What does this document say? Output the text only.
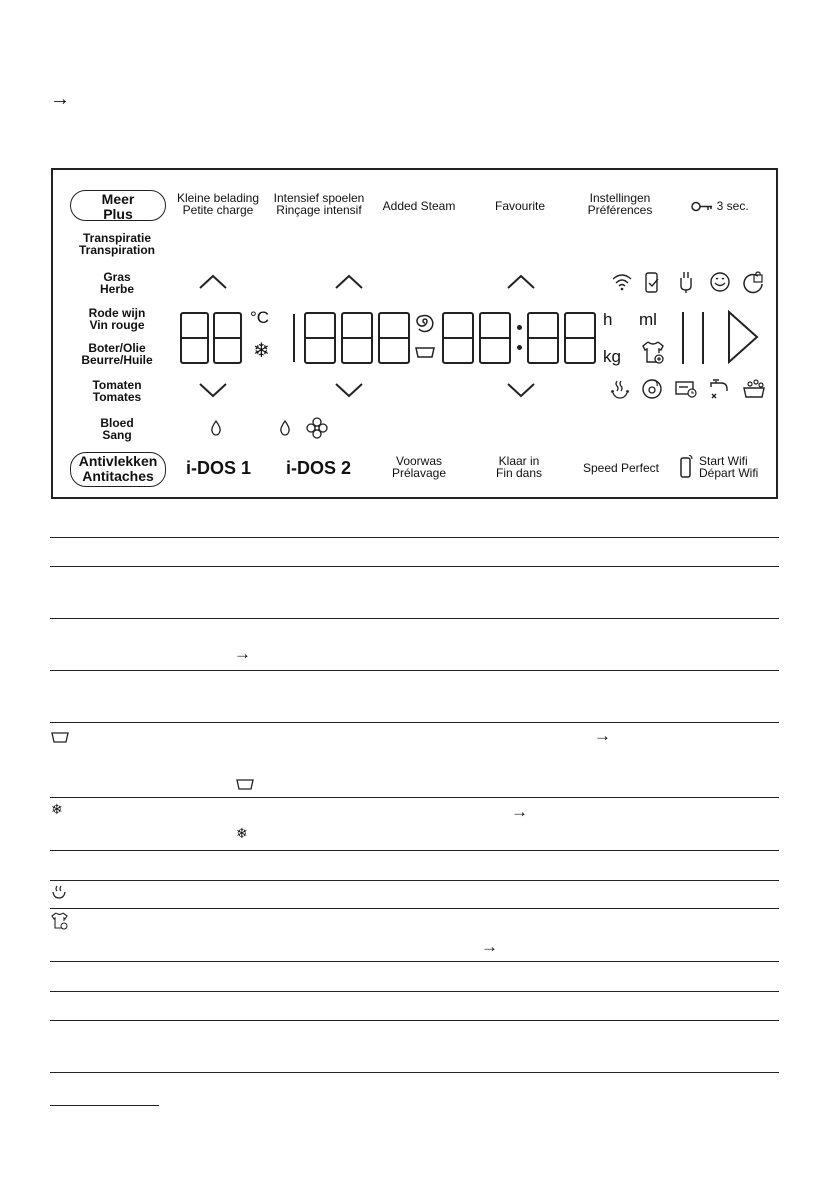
→
Meer Plus
Kleine belading
Petite charge
Intensief spoelen
Rinçage intensif	Added Steam	Favourite
Instellingen
Préférences	3 sec.
Transpiratie
Transpiration
Gras
Herbe
Rode wijn
Vin rouge
Boter/Olie
Beurre/Huile
Tomaten
Tomates
Bloed
Sang
Antivlekken
Antitaches	i-DOS 1 i-DOS 2	Voorwas
Prélavage
Klaar in
Fin dans	Speed Perfect	Start Wifi
Départ Wifi
°C
❄
h
kg
ml
→
→
❄	→
❄
→
